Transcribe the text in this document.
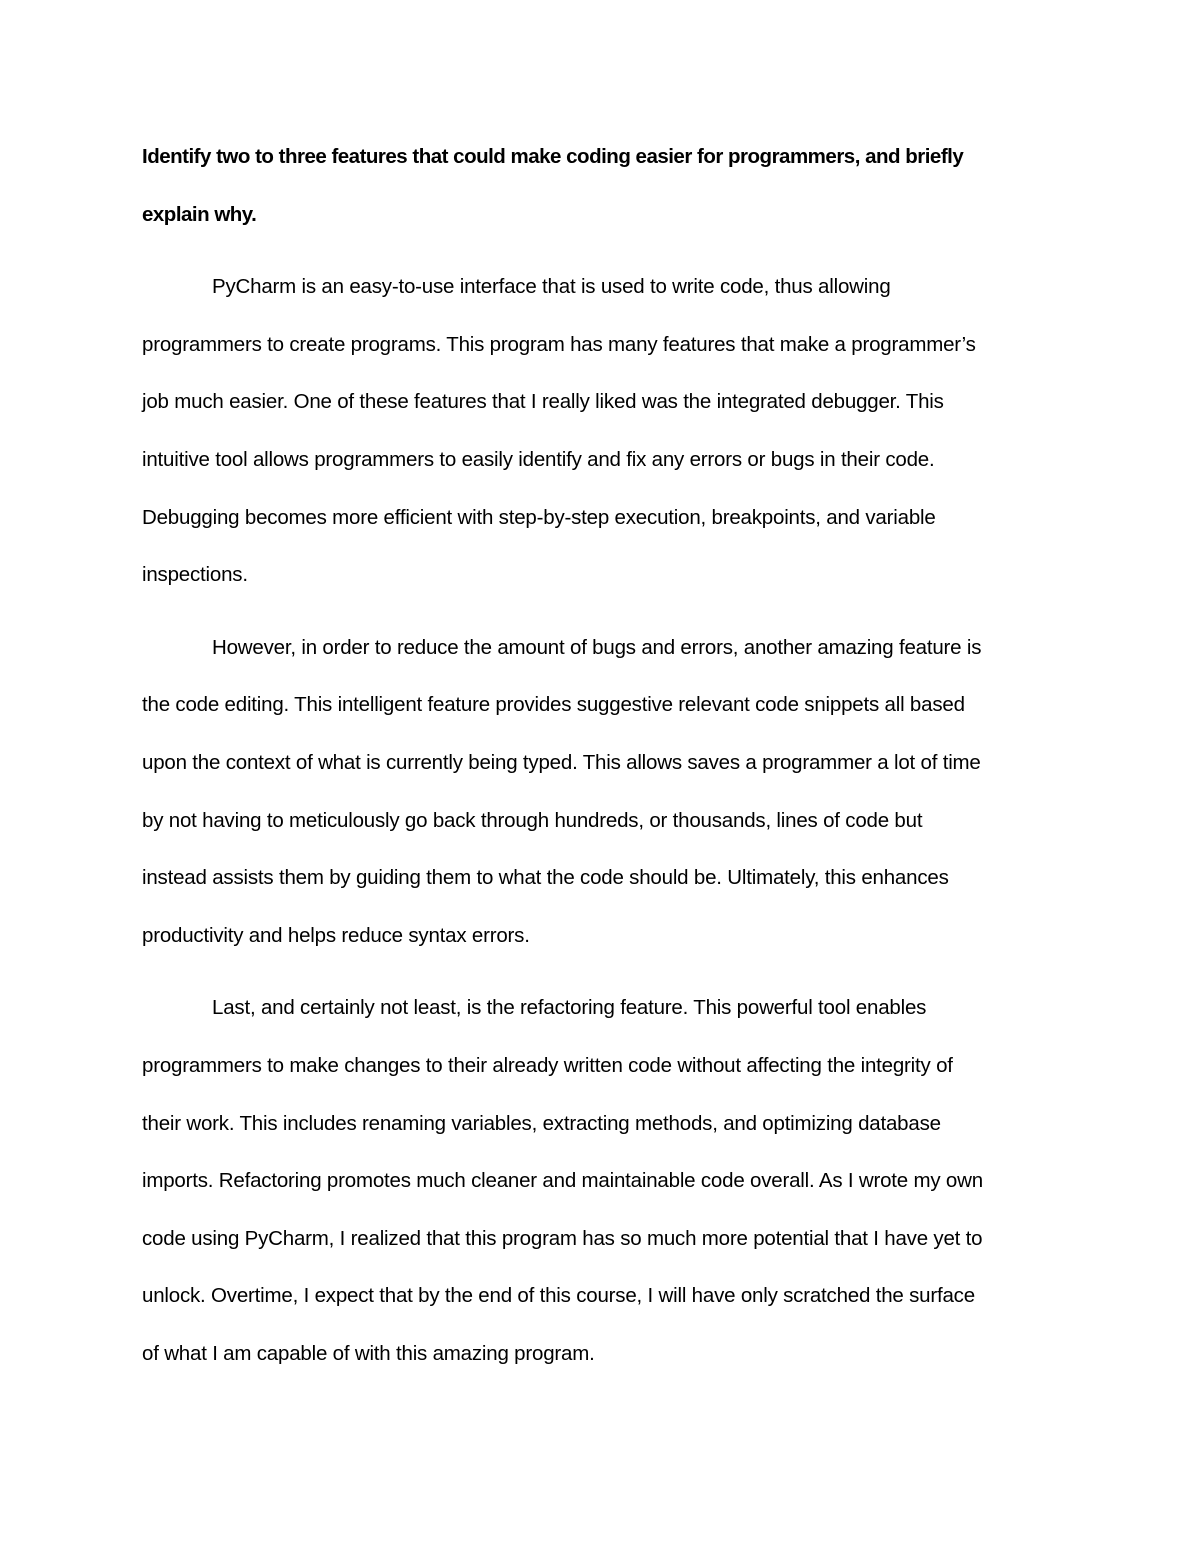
Identify two to three features that could make coding easier for programmers, and briefly
explain why.
PyCharm is an easy-to-use interface that is used to write code, thus allowing
programmers to create programs. This program has many features that make a programmer’s
job much easier. One of these features that I really liked was the integrated debugger. This
intuitive tool allows programmers to easily identify and fix any errors or bugs in their code.
Debugging becomes more efficient with step-by-step execution, breakpoints, and variable
inspections.
However, in order to reduce the amount of bugs and errors, another amazing feature is
the code editing. This intelligent feature provides suggestive relevant code snippets all based
upon the context of what is currently being typed. This allows saves a programmer a lot of time
by not having to meticulously go back through hundreds, or thousands, lines of code but
instead assists them by guiding them to what the code should be. Ultimately, this enhances
productivity and helps reduce syntax errors.
Last, and certainly not least, is the refactoring feature. This powerful tool enables
programmers to make changes to their already written code without affecting the integrity of
their work. This includes renaming variables, extracting methods, and optimizing database
imports. Refactoring promotes much cleaner and maintainable code overall. As I wrote my own
code using PyCharm, I realized that this program has so much more potential that I have yet to
unlock. Overtime, I expect that by the end of this course, I will have only scratched the surface
of what I am capable of with this amazing program.
